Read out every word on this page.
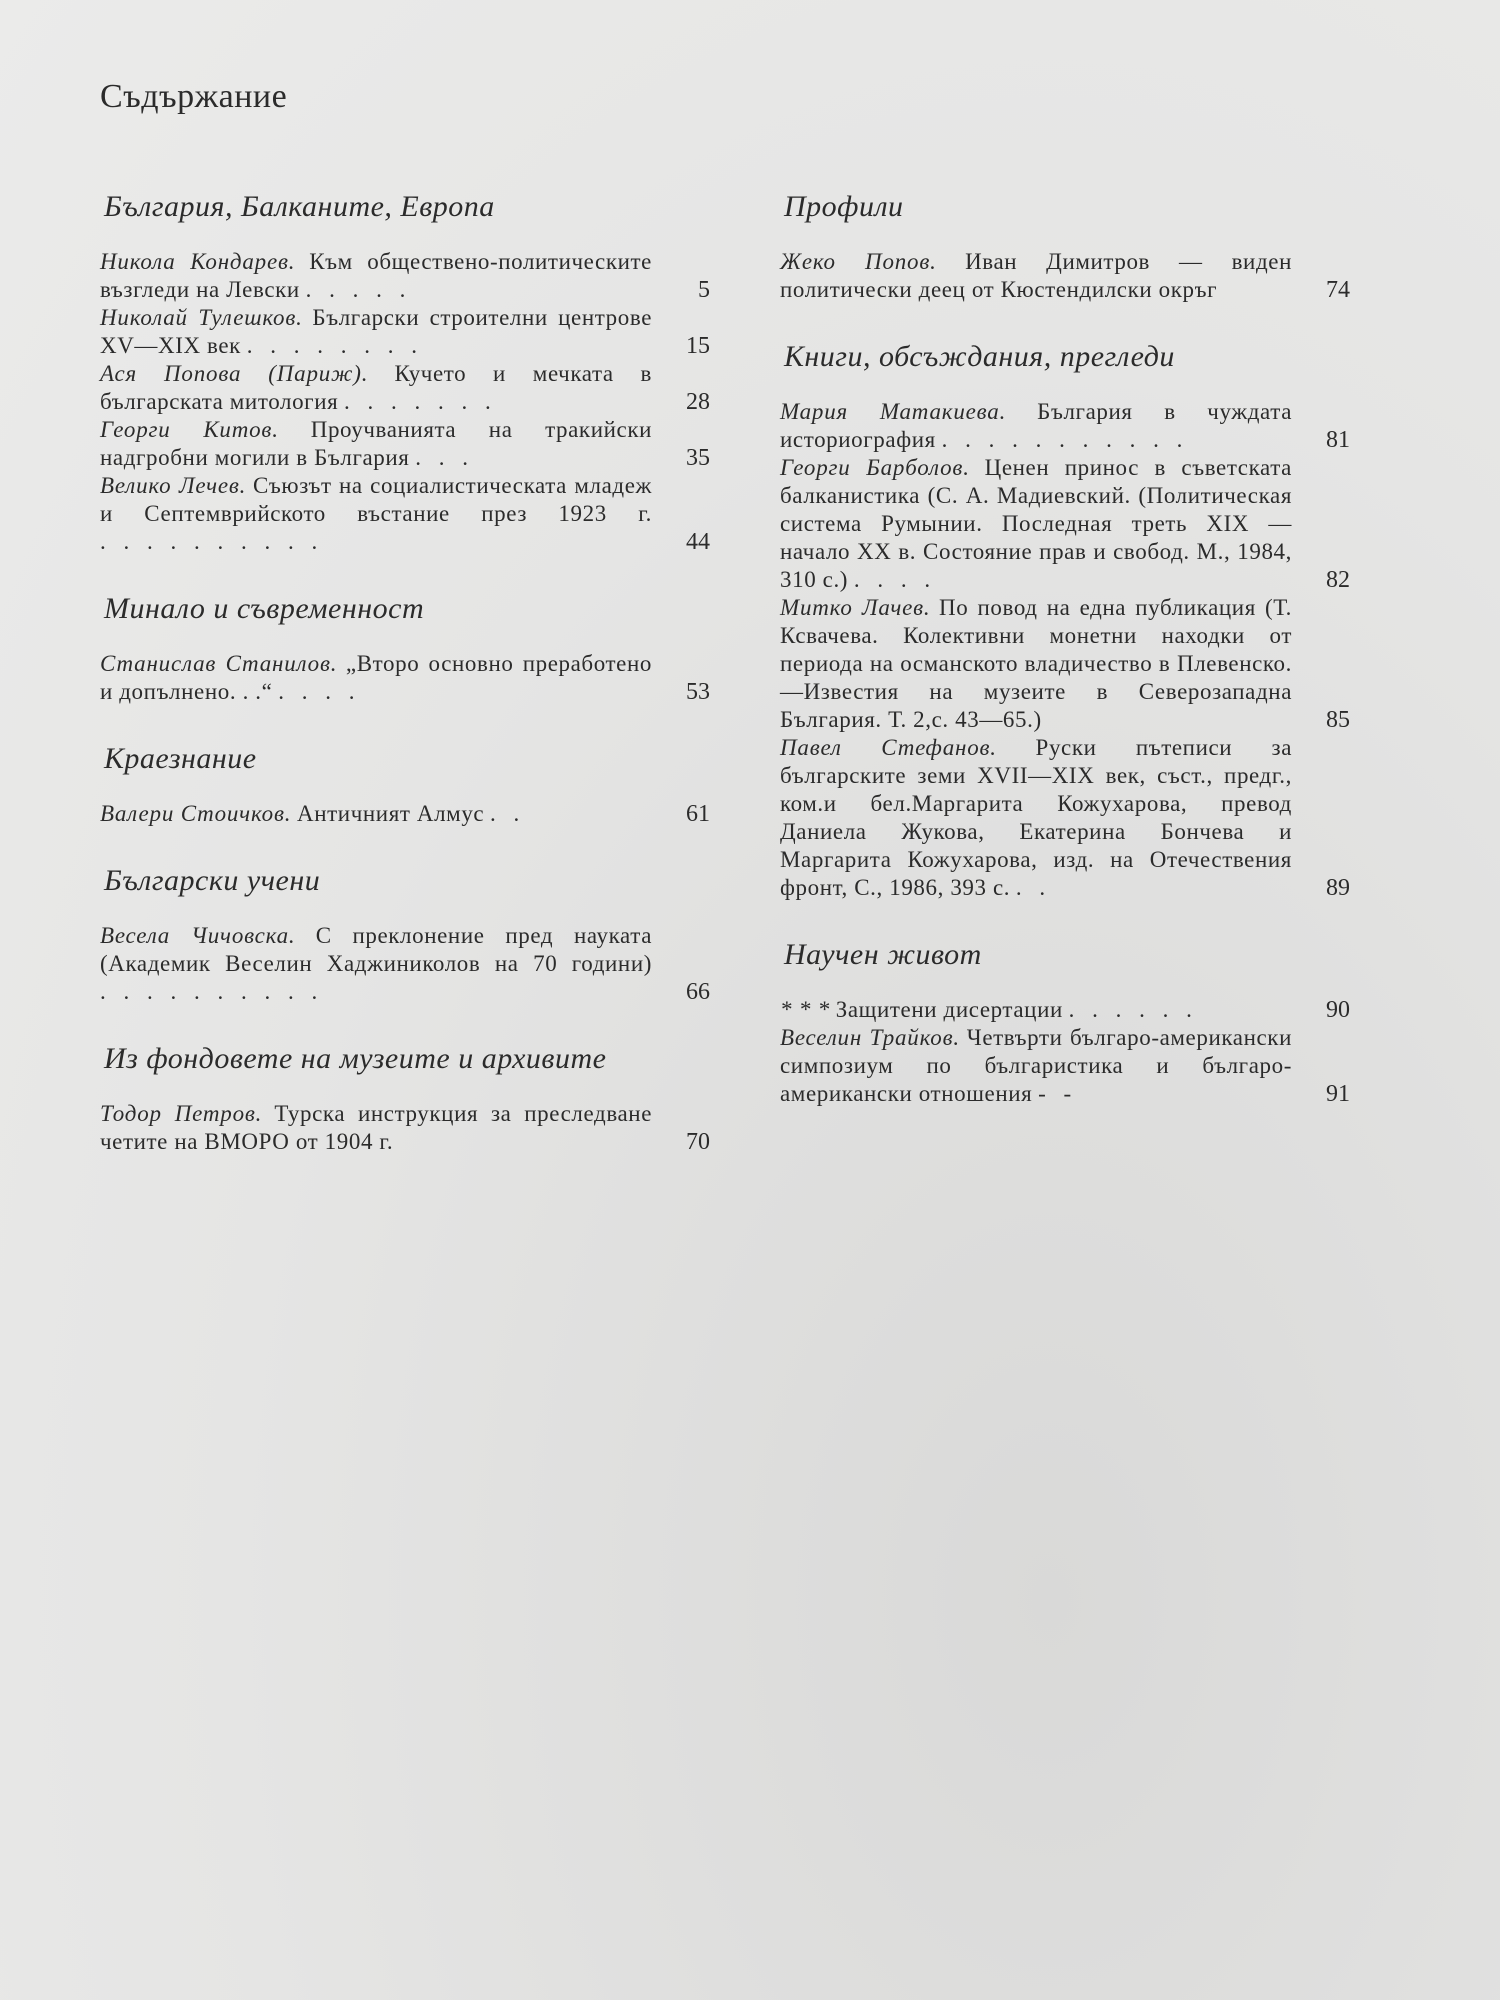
Съдържание
България, Балканите, Европа
Никола Кондарев. Към обществено-политическите възгледи на Левски . . . . .	5
Николай Тулешков. Български строителни центрове XV—XIX век . . . . . . . .	15
Ася Попова (Париж). Кучето и мечката в българската митология . . . . . . .	28
Георги Китов. Проучванията на тракийски надгробни могили в България . . .	35
Велико Лечев. Съюзът на социалистическата младеж и Септемврийското въстание през 1923 г. . . . . . . . . . .	44
Минало и съвременност
Станислав Станилов. „Второ основно преработено и допълнено. . .“ . . . .	53
Краезнание
Валери Стоичков. Античният Алмус . .	61
Български учени
Весела Чичовска. С преклонение пред науката (Академик Веселин Хаджиниколов на 70 години) . . . . . . . . . .	66
Из фондовете на музеите и архивите
Тодор Петров. Турска инструкция за преследване четите на ВМОРО от 1904 г.	70
Профили
Жеко Попов. Иван Димитров — виден политически деец от Кюстендилски окръг	74
Книги, обсъждания, прегледи
Мария Матакиева. България в чуждата историография . . . . . . . . . . .	81
Георги Барболов. Ценен принос в съветската балканистика (С. А. Мадиевский. (Политическая система Румынии. Последная треть XIX — начало XX в. Состояние прав и свобод. М., 1984, 310 с.) . . . .	82
Митко Лачев. По повод на една публикация (Т. Ксвачева. Колективни монетни находки от периода на османското владичество в Плевенско.—Известия на музеите в Северозападна България. Т. 2,с. 43—65.)	85
Павел Стефанов. Руски пътеписи за българските земи XVII—XIX век, съст., предг., ком.и бел.Маргарита Кожухарова, превод Даниела Жукова, Екатерина Бончева и Маргарита Кожухарова, изд. на Отечествения фронт, С., 1986, 393 с. . .	89
Научен живот
* * * Защитени дисертации . . . . . .	90
Веселин Трайков. Четвърти българо-американски симпозиум по българистика и българо-американски отношения - -	91
